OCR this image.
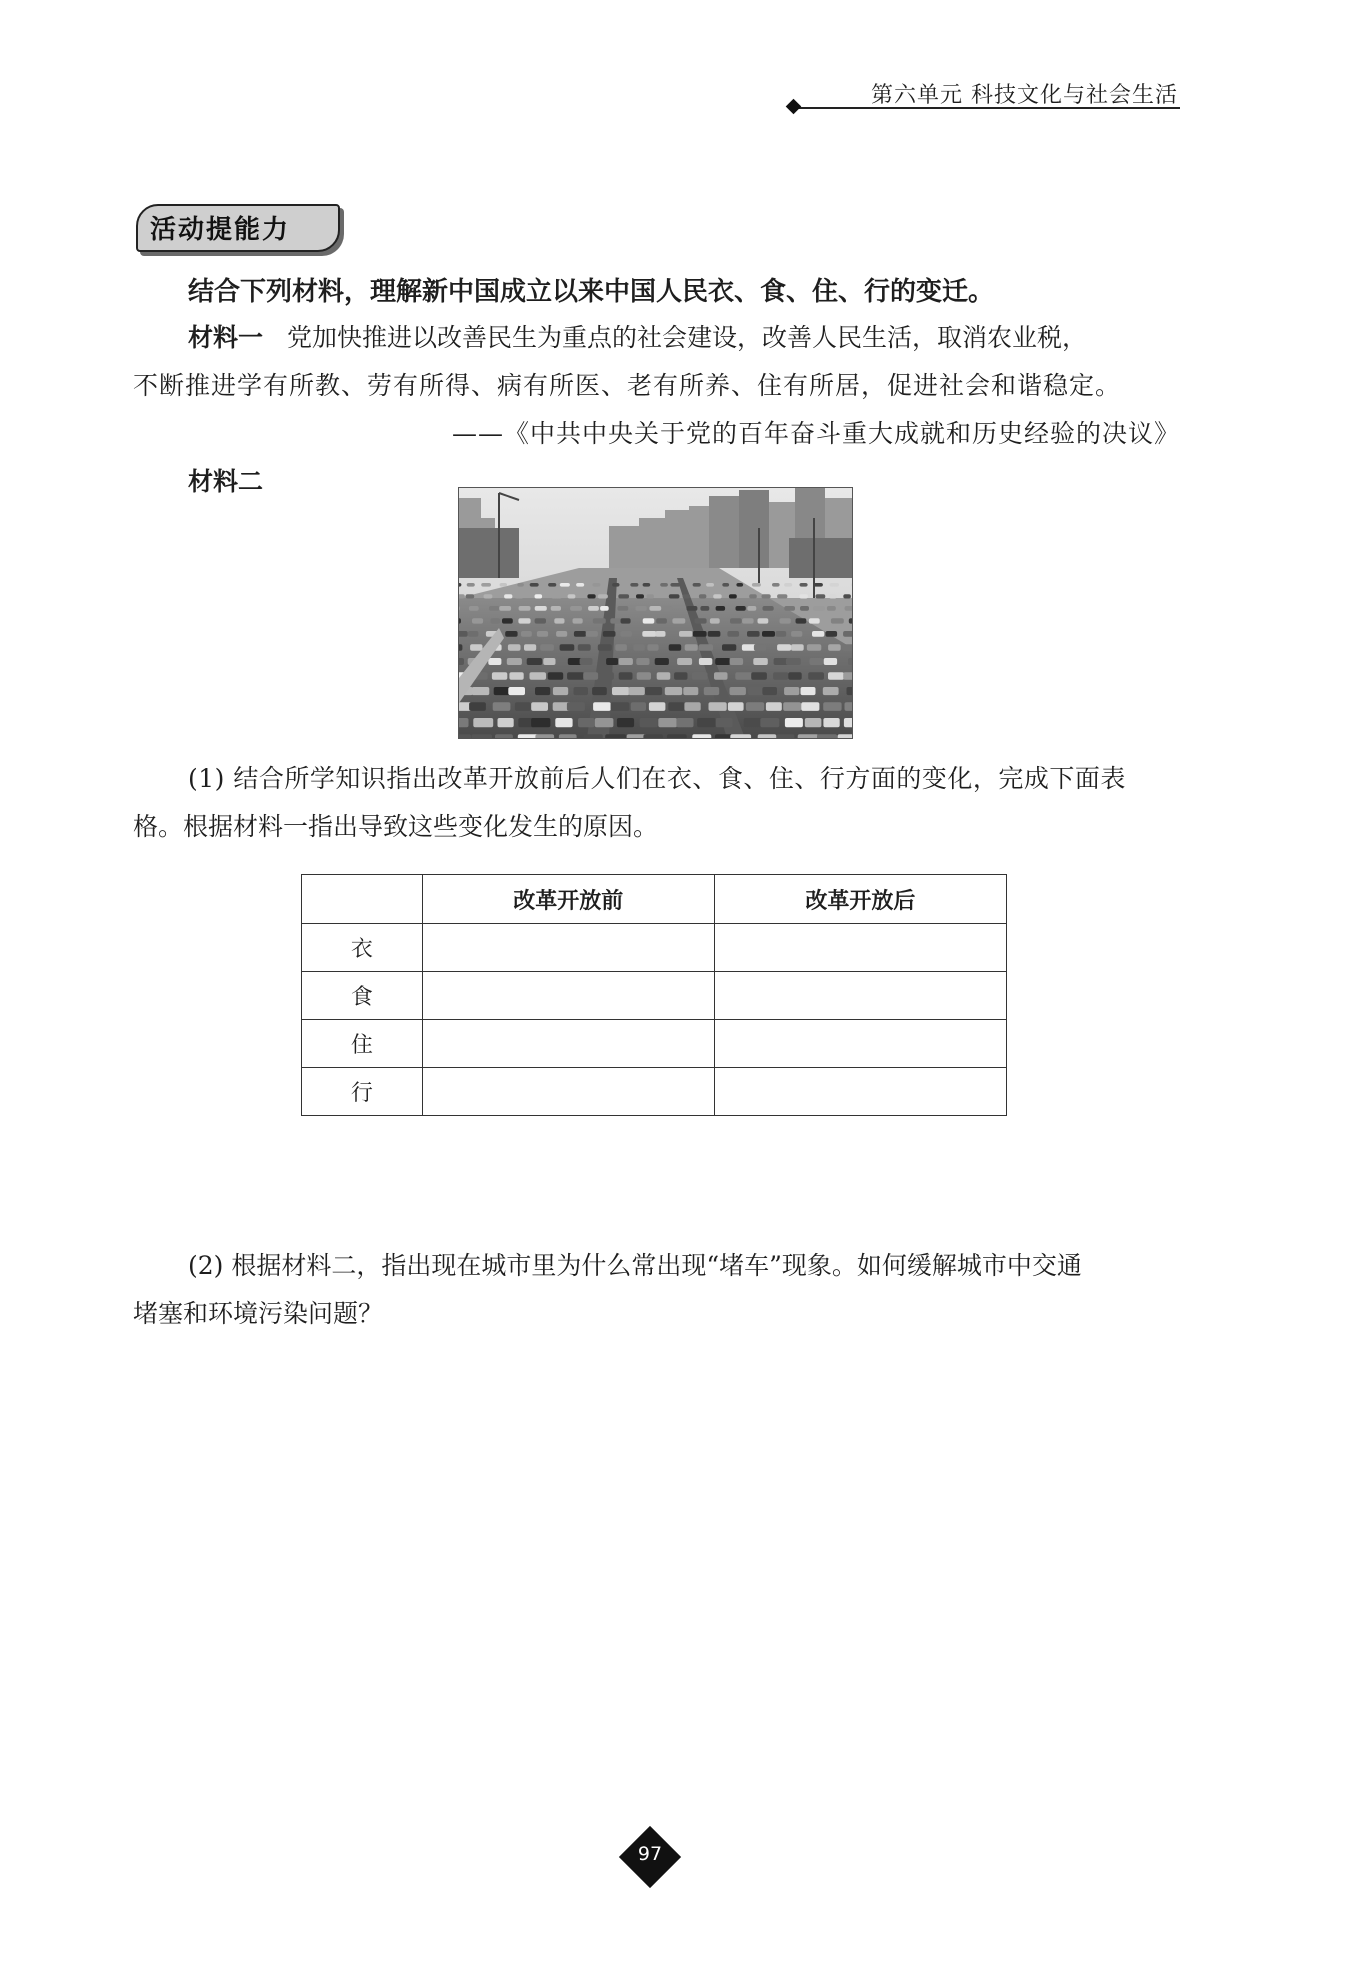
第六单元 科技文化与社会生活
活动提能力
结合下列材料，理解新中国成立以来中国人民衣、食、住、行的变迁。
材料一 党加快推进以改善民生为重点的社会建设，改善人民生活，取消农业税，
不断推进学有所教、劳有所得、病有所医、老有所养、住有所居，促进社会和谐稳定。
——《中共中央关于党的百年奋斗重大成就和历史经验的决议》
材料二
(1) 结合所学知识指出改革开放前后人们在衣、食、住、行方面的变化，完成下面表
格。根据材料一指出导致这些变化发生的原因。
	改革开放前	改革开放后
衣		
食		
住		
行		
(2) 根据材料二，指出现在城市里为什么常出现“堵车”现象。如何缓解城市中交通
堵塞和环境污染问题？
97
